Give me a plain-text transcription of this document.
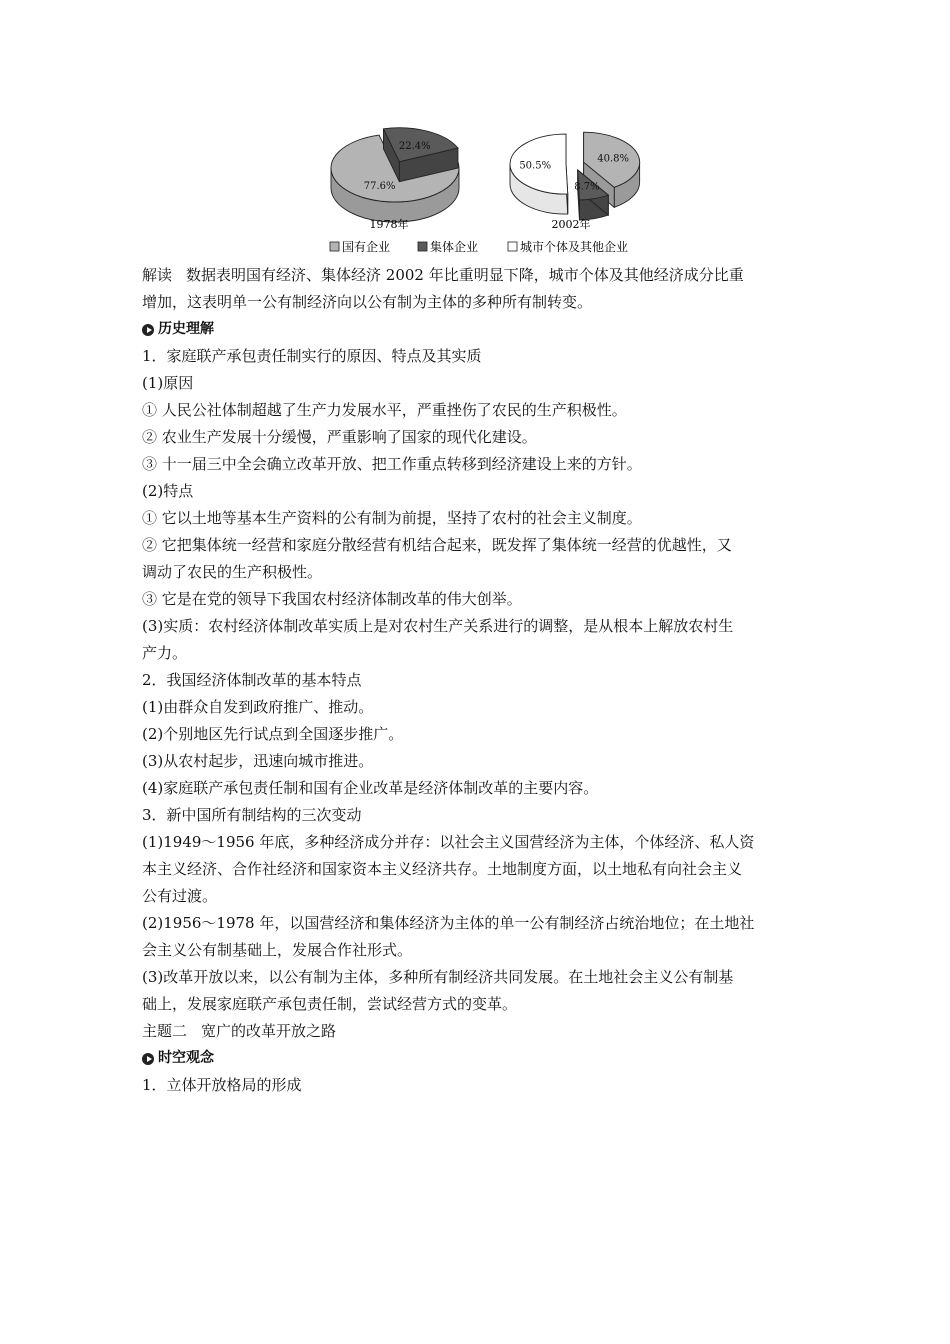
77.6%
22.4%
40.8%
8.7%
50.5%
1978年	2002年
国有企业	集体企业	城市个体及其他企业
解读 数据表明国有经济、集体经济 2002 年比重明显下降，城市个体及其他经济成分比重
增加，这表明单一公有制经济向以公有制为主体的多种所有制转变。
历史理解
1．家庭联产承包责任制实行的原因、特点及其实质
(1)原因
① 人民公社体制超越了生产力发展水平，严重挫伤了农民的生产积极性。
② 农业生产发展十分缓慢，严重影响了国家的现代化建设。
③ 十一届三中全会确立改革开放、把工作重点转移到经济建设上来的方针。
(2)特点
① 它以土地等基本生产资料的公有制为前提，坚持了农村的社会主义制度。
② 它把集体统一经营和家庭分散经营有机结合起来，既发挥了集体统一经营的优越性，又
调动了农民的生产积极性。
③ 它是在党的领导下我国农村经济体制改革的伟大创举。
(3)实质：农村经济体制改革实质上是对农村生产关系进行的调整，是从根本上解放农村生
产力。
2．我国经济体制改革的基本特点
(1)由群众自发到政府推广、推动。
(2)个别地区先行试点到全国逐步推广。
(3)从农村起步，迅速向城市推进。
(4)家庭联产承包责任制和国有企业改革是经济体制改革的主要内容。
3．新中国所有制结构的三次变动
(1)1949～1956 年底，多种经济成分并存：以社会主义国营经济为主体，个体经济、私人资
本主义经济、合作社经济和国家资本主义经济共存。土地制度方面，以土地私有向社会主义
公有过渡。
(2)1956～1978 年，以国营经济和集体经济为主体的单一公有制经济占统治地位；在土地社
会主义公有制基础上，发展合作社形式。
(3)改革开放以来，以公有制为主体，多种所有制经济共同发展。在土地社会主义公有制基
础上，发展家庭联产承包责任制，尝试经营方式的变革。
主题二 宽广的改革开放之路
时空观念
1．立体开放格局的形成
